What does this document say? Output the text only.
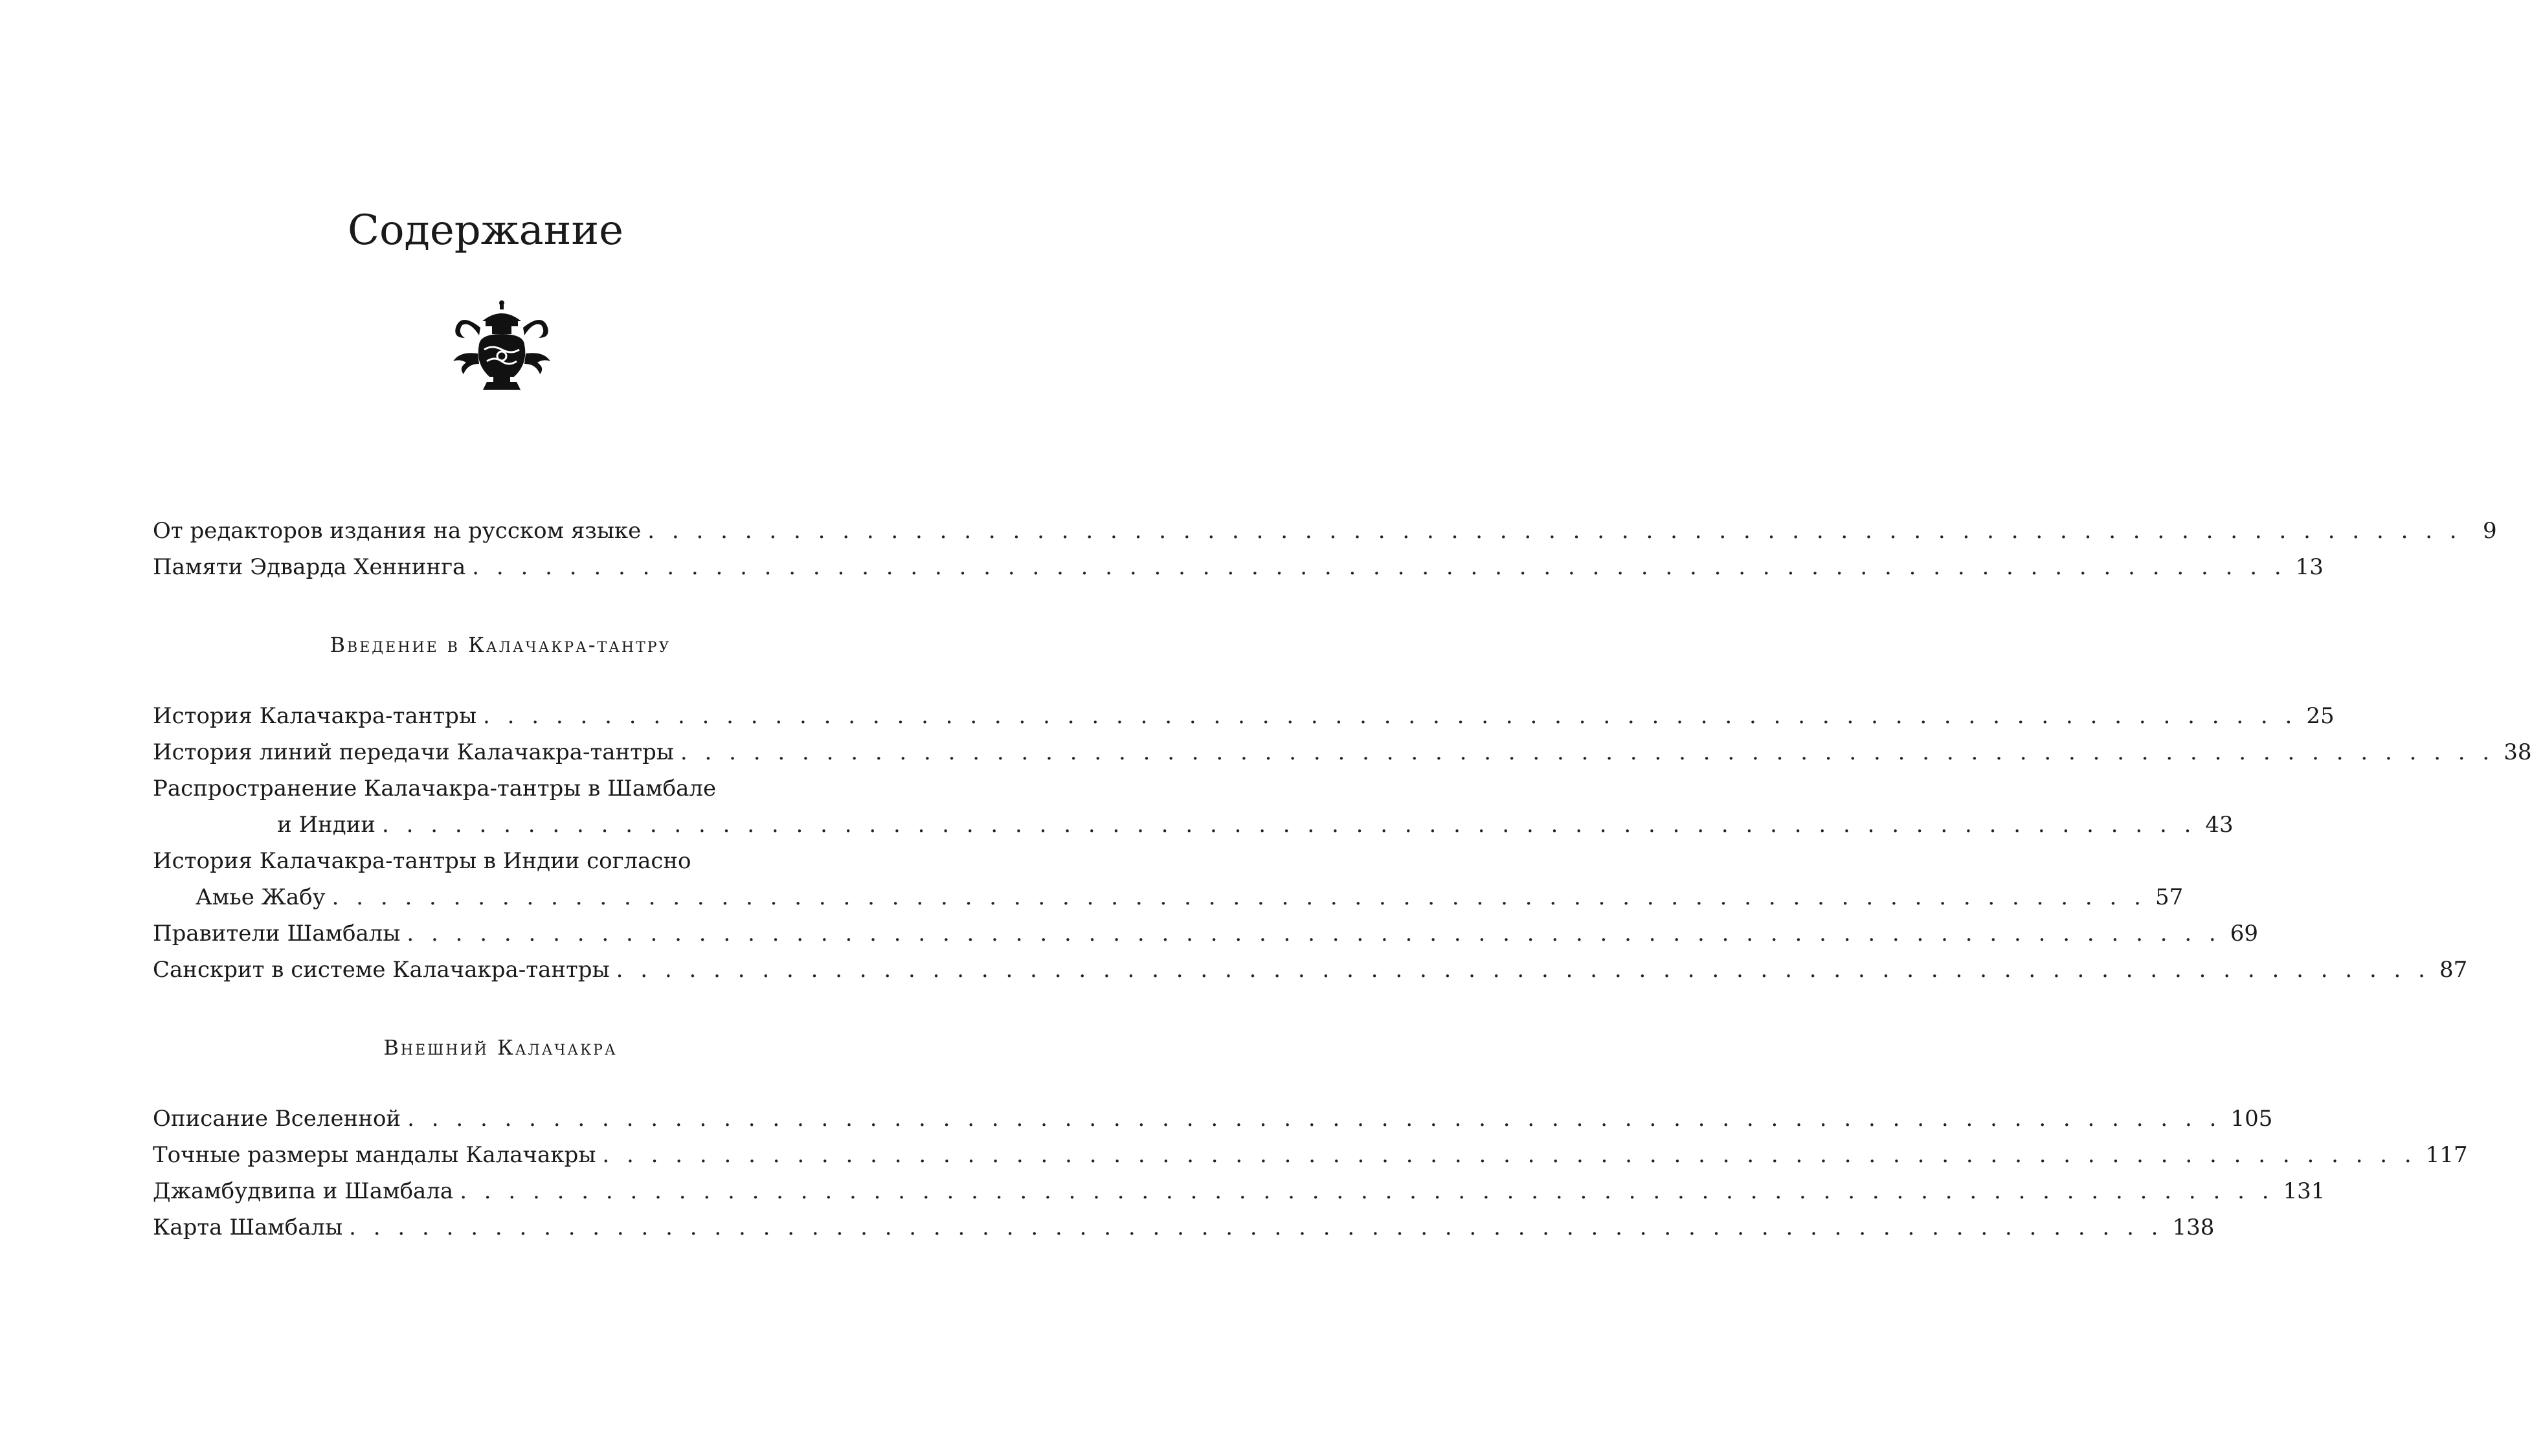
Содержание
От редакторов издания на русском языке . . . . . . . . . . . . . . . . . . . . . . . . . . . . . . . . . . . . . . . . . . . . . . . . . . . . . . . . . . . . . . . . . . . . . . . . . . . 9
Памяти Эдварда Хеннинга . . . . . . . . . . . . . . . . . . . . . . . . . . . . . . . . . . . . . . . . . . . . . . . . . . . . . . . . . . . . . . . . . . . . . . . . . . . 13
Введение в Калачакра-тантру
История Калачакра-тантры . . . . . . . . . . . . . . . . . . . . . . . . . . . . . . . . . . . . . . . . . . . . . . . . . . . . . . . . . . . . . . . . . . . . . . . . . . . 25
История линий передачи Калачакра-тантры . . . . . . . . . . . . . . . . . . . . . . . . . . . . . . . . . . . . . . . . . . . . . . . . . . . . . . . . . . . . . . . . . . . . . . . . . . . 38
Распространение Калачакра-тантры в Шамбале
и Индии . . . . . . . . . . . . . . . . . . . . . . . . . . . . . . . . . . . . . . . . . . . . . . . . . . . . . . . . . . . . . . . . . . . . . . . . . . . 43
История Калачакра-тантры в Индии согласно
Амье Жабу . . . . . . . . . . . . . . . . . . . . . . . . . . . . . . . . . . . . . . . . . . . . . . . . . . . . . . . . . . . . . . . . . . . . . . . . . . . 57
Правители Шамбалы . . . . . . . . . . . . . . . . . . . . . . . . . . . . . . . . . . . . . . . . . . . . . . . . . . . . . . . . . . . . . . . . . . . . . . . . . . . 69
Санскрит в системе Калачакра-тантры . . . . . . . . . . . . . . . . . . . . . . . . . . . . . . . . . . . . . . . . . . . . . . . . . . . . . . . . . . . . . . . . . . . . . . . . . . . 87
Внешний Калачакра
Описание Вселенной . . . . . . . . . . . . . . . . . . . . . . . . . . . . . . . . . . . . . . . . . . . . . . . . . . . . . . . . . . . . . . . . . . . . . . . . . . . 105
Точные размеры мандалы Калачакры . . . . . . . . . . . . . . . . . . . . . . . . . . . . . . . . . . . . . . . . . . . . . . . . . . . . . . . . . . . . . . . . . . . . . . . . . . . 117
Джамбудвипа и Шамбала . . . . . . . . . . . . . . . . . . . . . . . . . . . . . . . . . . . . . . . . . . . . . . . . . . . . . . . . . . . . . . . . . . . . . . . . . . . 131
Карта Шамбалы . . . . . . . . . . . . . . . . . . . . . . . . . . . . . . . . . . . . . . . . . . . . . . . . . . . . . . . . . . . . . . . . . . . . . . . . . . . 138
